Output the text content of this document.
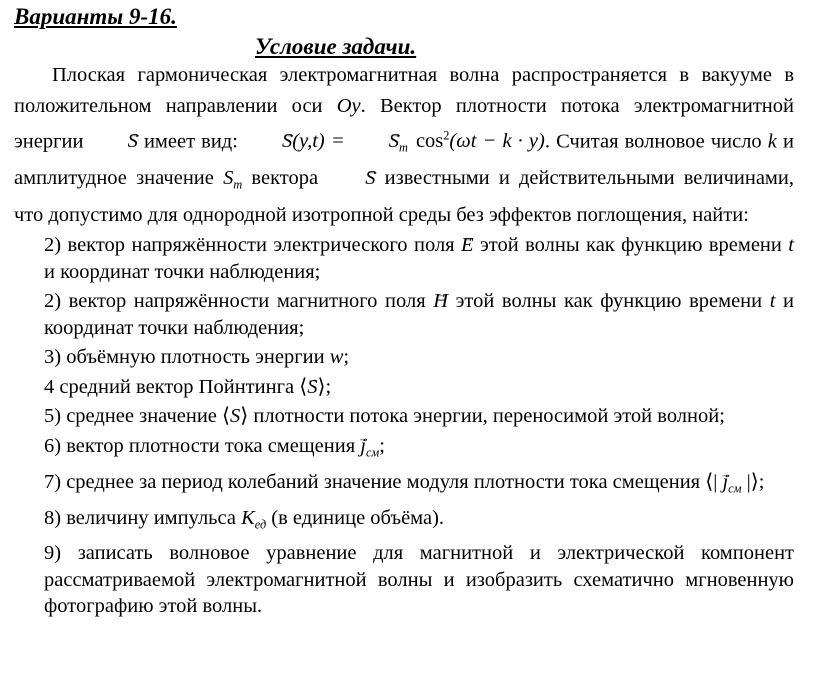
Варианты 9-16.
Условие задачи.

Плоская гармоническая электромагнитная волна распространяется в вакууме в положительном направлении оси Oy. Вектор плотности потока электромагнитной энергии → S имеет вид: → S(y,t) = → $S_m$ $\cos^2(\omega t - k \cdot y)$. Считая волновое число k и амплитудное значение $S_m$ вектора → S известными и действительными величинами, что допустимо для однородной изотропной среды без эффектов поглощения, найти:

2) вектор напряжённости электрического поля → E этой волны как функцию времени t и координат точки наблюдения;

2) вектор напряжённости магнитного поля → H этой волны как функцию времени t и координат точки наблюдения;

3) объёмную плотность энергии w;

4 средний вектор Пойнтинга ⟨→ S⟩;

5) среднее значение ⟨S⟩ плотности потока энергии, переносимой этой волной;

6) вектор плотности тока смещения → $j_{см}$;

7) среднее за период колебаний значение модуля плотности тока смещения ⟨| → $j_{см}$ |⟩;

8) величину импульса $K_{ед}$ (в единице объёма).

9) записать волновое уравнение для магнитной и электрической компонент рассматриваемой электромагнитной волны и изобразить схематично мгновенную фотографию этой волны.
